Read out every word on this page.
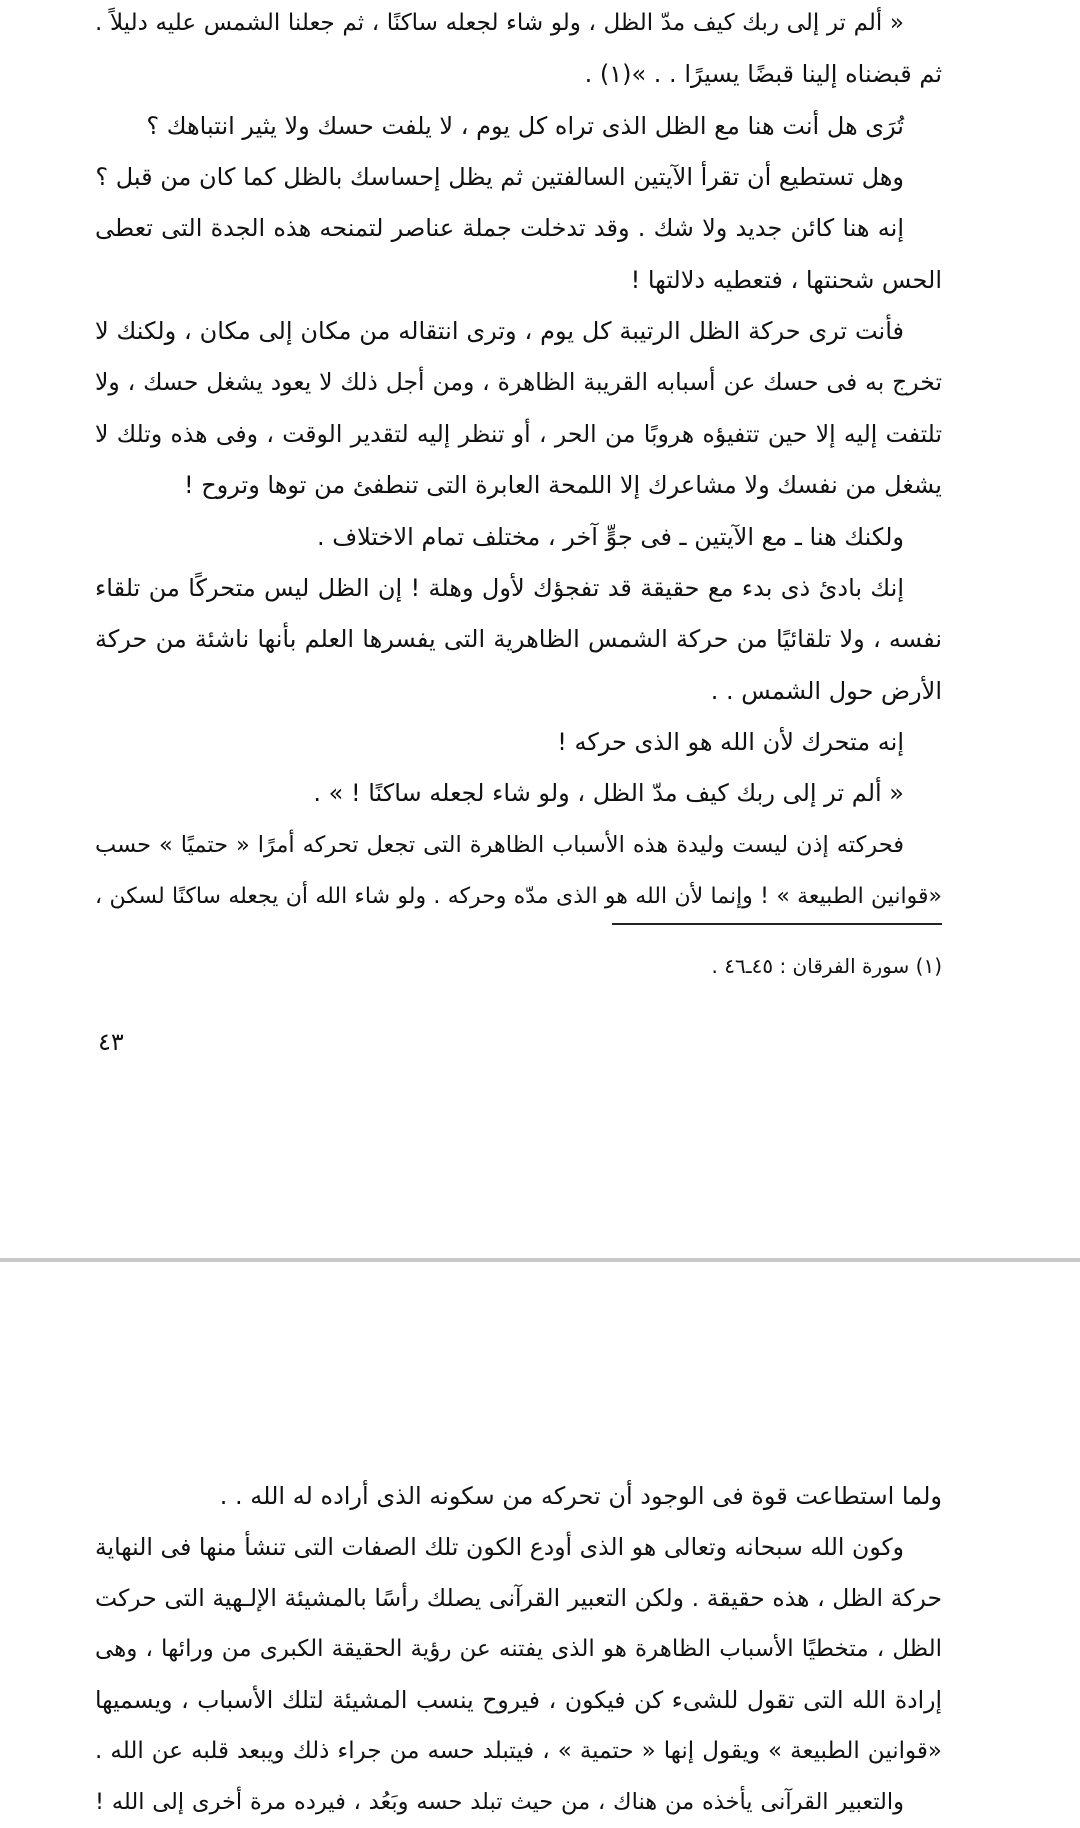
« ألم تر إلى ربك كيف مدّ الظل ، ولو شاء لجعله ساكنًا ، ثم جعلنا الشمس عليه دليلاً .
ثم قبضناه إلينا قبضًا يسيرًا . . »(١) .
تُرَى هل أنت هنا مع الظل الذى تراه كل يوم ، لا يلفت حسك ولا يثير انتباهك ؟
وهل تستطيع أن تقرأ الآيتين السالفتين ثم يظل إحساسك بالظل كما كان من قبل ؟
إنه هنا كائن جديد ولا شك . وقد تدخلت جملة عناصر لتمنحه هذه الجدة التى تعطى
الحس شحنتها ، فتعطيه دلالتها !
فأنت ترى حركة الظل الرتيبة كل يوم ، وترى انتقاله من مكان إلى مكان ، ولكنك لا
تخرج به فى حسك عن أسبابه القريبة الظاهرة ، ومن أجل ذلك لا يعود يشغل حسك ، ولا
تلتفت إليه إلا حين تتفيؤه هروبًا من الحر ، أو تنظر إليه لتقدير الوقت ، وفى هذه وتلك لا
يشغل من نفسك ولا مشاعرك إلا اللمحة العابرة التى تنطفئ من توها وتروح !
ولكنك هنا ـ مع الآيتين ـ فى جوٍّ آخر ، مختلف تمام الاختلاف .
إنك بادئ ذى بدء مع حقيقة قد تفجؤك لأول وهلة ! إن الظل ليس متحركًا من تلقاء
نفسه ، ولا تلقائيًا من حركة الشمس الظاهرية التى يفسرها العلم بأنها ناشئة من حركة
الأرض حول الشمس . .
إنه متحرك لأن الله هو الذى حركه !
« ألم تر إلى ربك كيف مدّ الظل ، ولو شاء لجعله ساكنًا ! » .
فحركته إذن ليست وليدة هذه الأسباب الظاهرة التى تجعل تحركه أمرًا « حتميًا » حسب
«قوانين الطبيعة » ! وإنما لأن الله هو الذى مدّه وحركه . ولو شاء الله أن يجعله ساكنًا لسكن ،
(١) سورة الفرقان : ٤٥ـ٤٦ .
٤٣
ولما استطاعت قوة فى الوجود أن تحركه من سكونه الذى أراده له الله . .
وكون الله سبحانه وتعالى هو الذى أودع الكون تلك الصفات التى تنشأ منها فى النهاية
حركة الظل ، هذه حقيقة . ولكن التعبير القرآنى يصلك رأسًا بالمشيئة الإلـهية التى حركت
الظل ، متخطيًا الأسباب الظاهرة هو الذى يفتنه عن رؤية الحقيقة الكبرى من ورائها ، وهى
إرادة الله التى تقول للشىء كن فيكون ، فيروح ينسب المشيئة لتلك الأسباب ، ويسميها
«قوانين الطبيعة » ويقول إنها « حتمية » ، فيتبلد حسه من جراء ذلك ويبعد قلبه عن الله .
والتعبير القرآنى يأخذه من هناك ، من حيث تبلد حسه وبَعُد ، فيرده مرة أخرى إلى الله !
